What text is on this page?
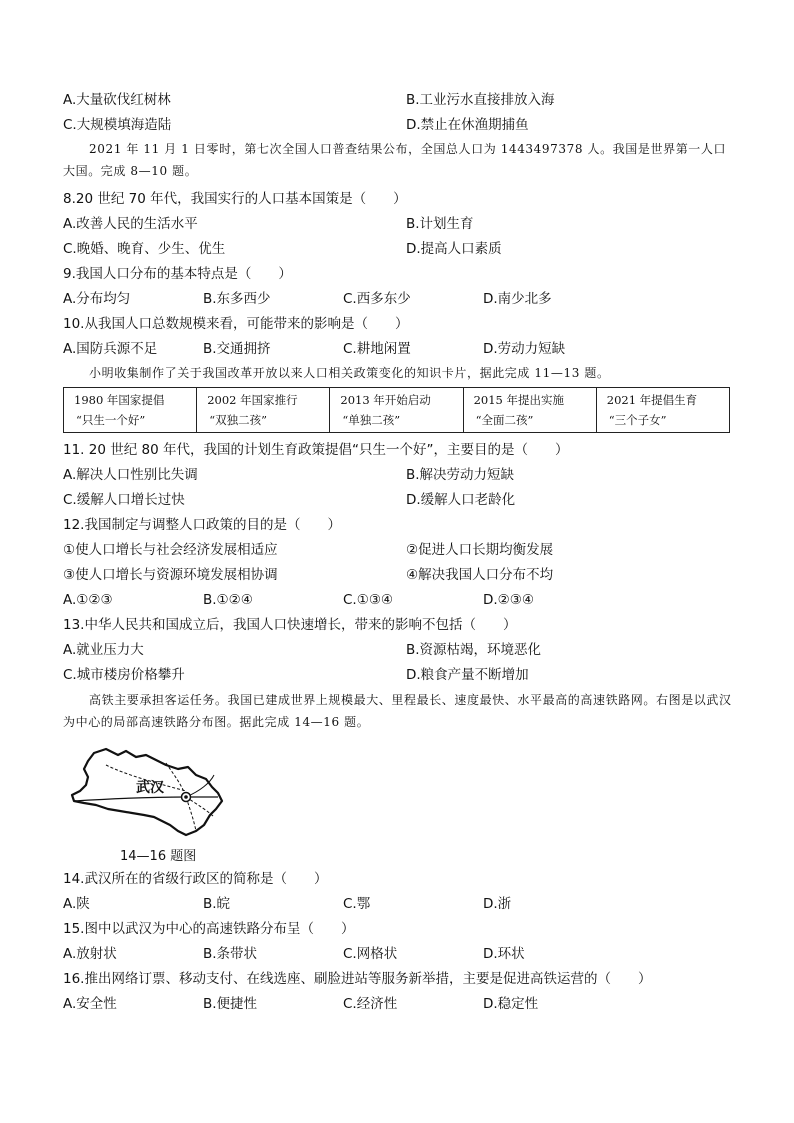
A.大量砍伐红树林	B.工业污水直接排放入海
C.大规模填海造陆	D.禁止在休渔期捕鱼
2021 年 11 月 1 日零时，第七次全国人口普查结果公布，全国总人口为 1443497378 人。我国是世界第一人口大国。完成 8—10 题。
8.20 世纪 70 年代，我国实行的人口基本国策是（　　）
A.改善人民的生活水平	B.计划生育
C.晚婚、晚育、少生、优生	D.提高人口素质
9.我国人口分布的基本特点是（　　）
A.分布均匀	B.东多西少	C.西多东少	D.南少北多
10.从我国人口总数规模来看，可能带来的影响是（　　）
A.国防兵源不足	B.交通拥挤	C.耕地闲置	D.劳动力短缺
小明收集制作了关于我国改革开放以来人口相关政策变化的知识卡片，据此完成 11—13 题。
1980 年国家提倡
“只生一个好”

2002 年国家推行
“双独二孩”

2013 年开始启动
“单独二孩”

2015 年提出实施
“全面二孩”

2021 年提倡生育
“三个子女”
11. 20 世纪 80 年代，我国的计划生育政策提倡“只生一个好”，主要目的是（　　）
A.解决人口性别比失调	B.解决劳动力短缺
C.缓解人口增长过快	D.缓解人口老龄化
12.我国制定与调整人口政策的目的是（　　）
①使人口增长与社会经济发展相适应	②促进人口长期均衡发展
③使人口增长与资源环境发展相协调	④解决我国人口分布不均
A.①②③	B.①②④	C.①③④	D.②③④
13.中华人民共和国成立后，我国人口快速增长，带来的影响不包括（　　）
A.就业压力大	B.资源枯竭，环境恶化
C.城市楼房价格攀升	D.粮食产量不断增加
高铁主要承担客运任务。我国已建成世界上规模最大、里程最长、速度最快、水平最高的高速铁路网。右图是以武汉为中心的局部高速铁路分布图。据此完成 14—16 题。
武汉
14—16 题图
14.武汉所在的省级行政区的简称是（　　）
A.陕	B.皖	C.鄂	D.浙
15.图中以武汉为中心的高速铁路分布呈（　　）
A.放射状	B.条带状	C.网格状	D.环状
16.推出网络订票、移动支付、在线选座、刷脸进站等服务新举措，主要是促进高铁运营的（　　）
A.安全性	B.便捷性	C.经济性	D.稳定性
